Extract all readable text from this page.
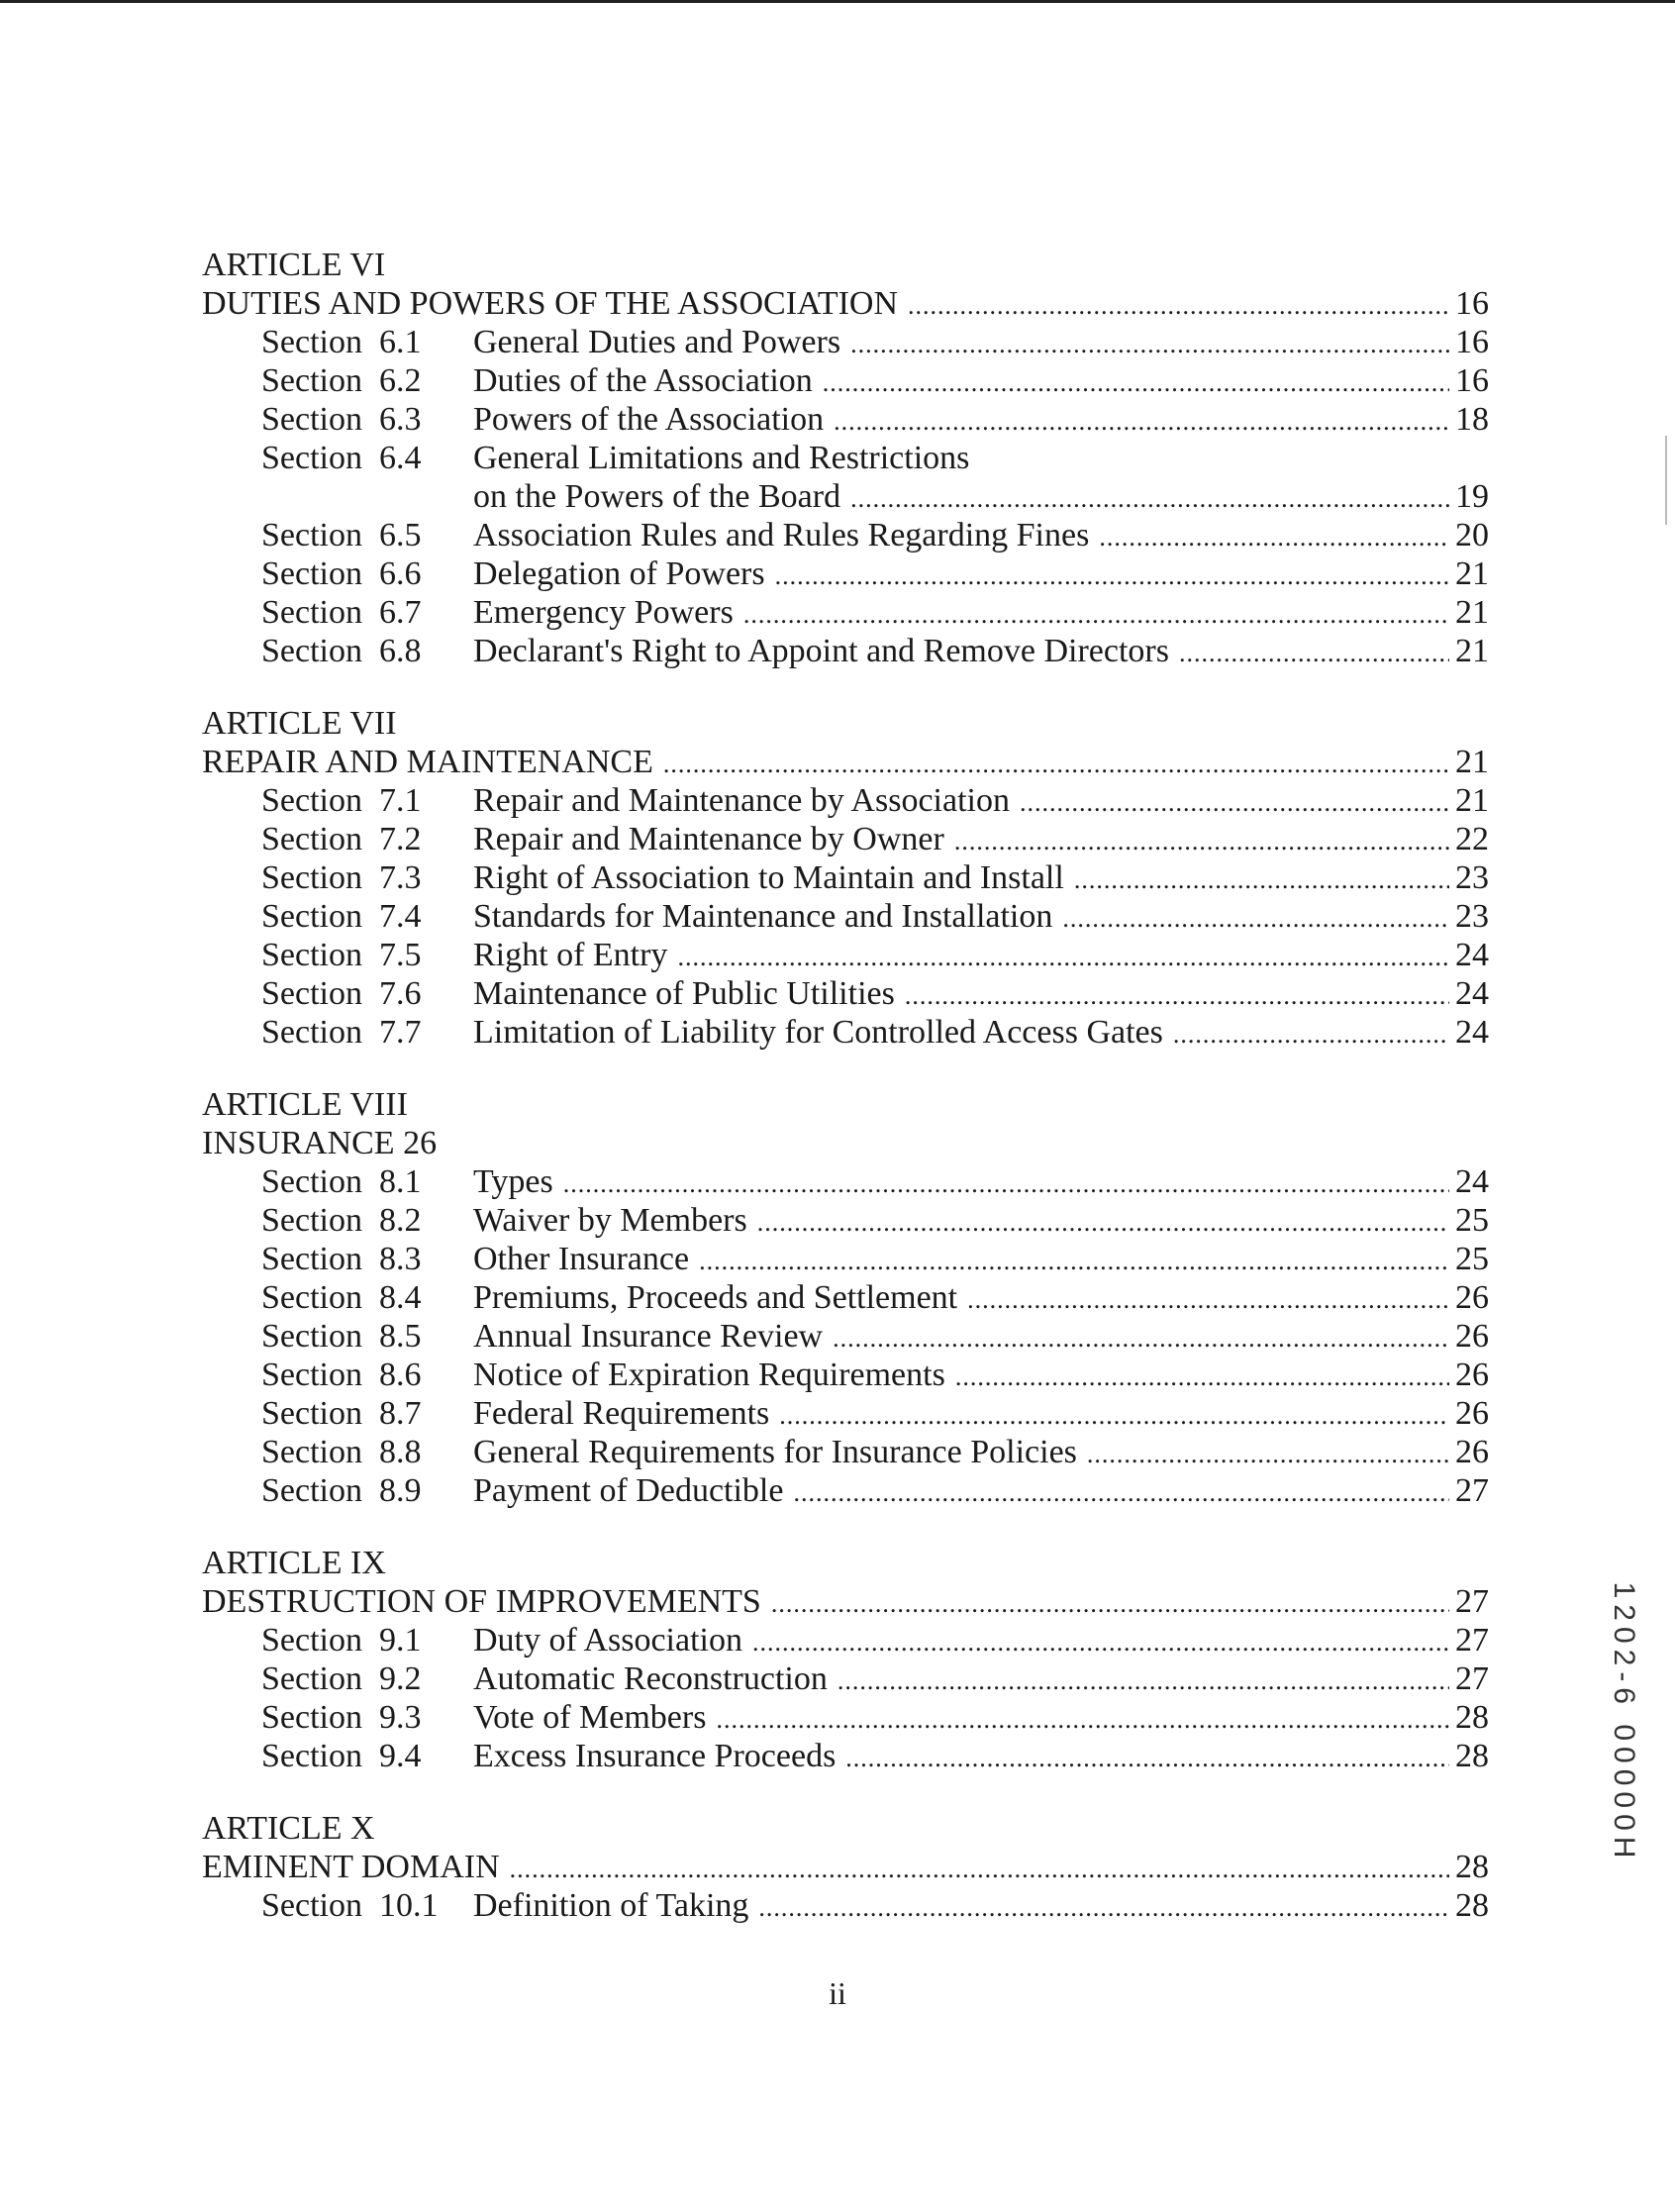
ARTICLE VI
DUTIES AND POWERS OF THE ASSOCIATION .....	16
Section  6.1	General Duties and Powers .....	16
Section  6.2	Duties of the Association .....	16
Section  6.3	Powers of the Association .....	18
Section  6.4	General Limitations and Restrictions
on the Powers of the Board .....	19
Section  6.5	Association Rules and Rules Regarding Fines .....	20
Section  6.6	Delegation of Powers .....	21
Section  6.7	Emergency Powers .....	21
Section  6.8	Declarant's Right to Appoint and Remove Directors .....	21
ARTICLE VII
REPAIR AND MAINTENANCE .....	21
Section  7.1	Repair and Maintenance by Association .....	21
Section  7.2	Repair and Maintenance by Owner .....	22
Section  7.3	Right of Association to Maintain and Install .....	23
Section  7.4	Standards for Maintenance and Installation .....	23
Section  7.5	Right of Entry .....	24
Section  7.6	Maintenance of Public Utilities .....	24
Section  7.7	Limitation of Liability for Controlled Access Gates .....	24
ARTICLE VIII
INSURANCE 26
Section  8.1	Types .....	24
Section  8.2	Waiver by Members .....	25
Section  8.3	Other Insurance .....	25
Section  8.4	Premiums, Proceeds and Settlement .....	26
Section  8.5	Annual Insurance Review .....	26
Section  8.6	Notice of Expiration Requirements .....	26
Section  8.7	Federal Requirements .....	26
Section  8.8	General Requirements for Insurance Policies .....	26
Section  8.9	Payment of Deductible .....	27
ARTICLE IX
DESTRUCTION OF IMPROVEMENTS .....	27
Section  9.1	Duty of Association .....	27
Section  9.2	Automatic Reconstruction .....	27
Section  9.3	Vote of Members .....	28
Section  9.4	Excess Insurance Proceeds .....	28
ARTICLE X
EMINENT DOMAIN .....	28
Section  10.1	Definition of Taking .....	28
ii
1202-6 00000H
